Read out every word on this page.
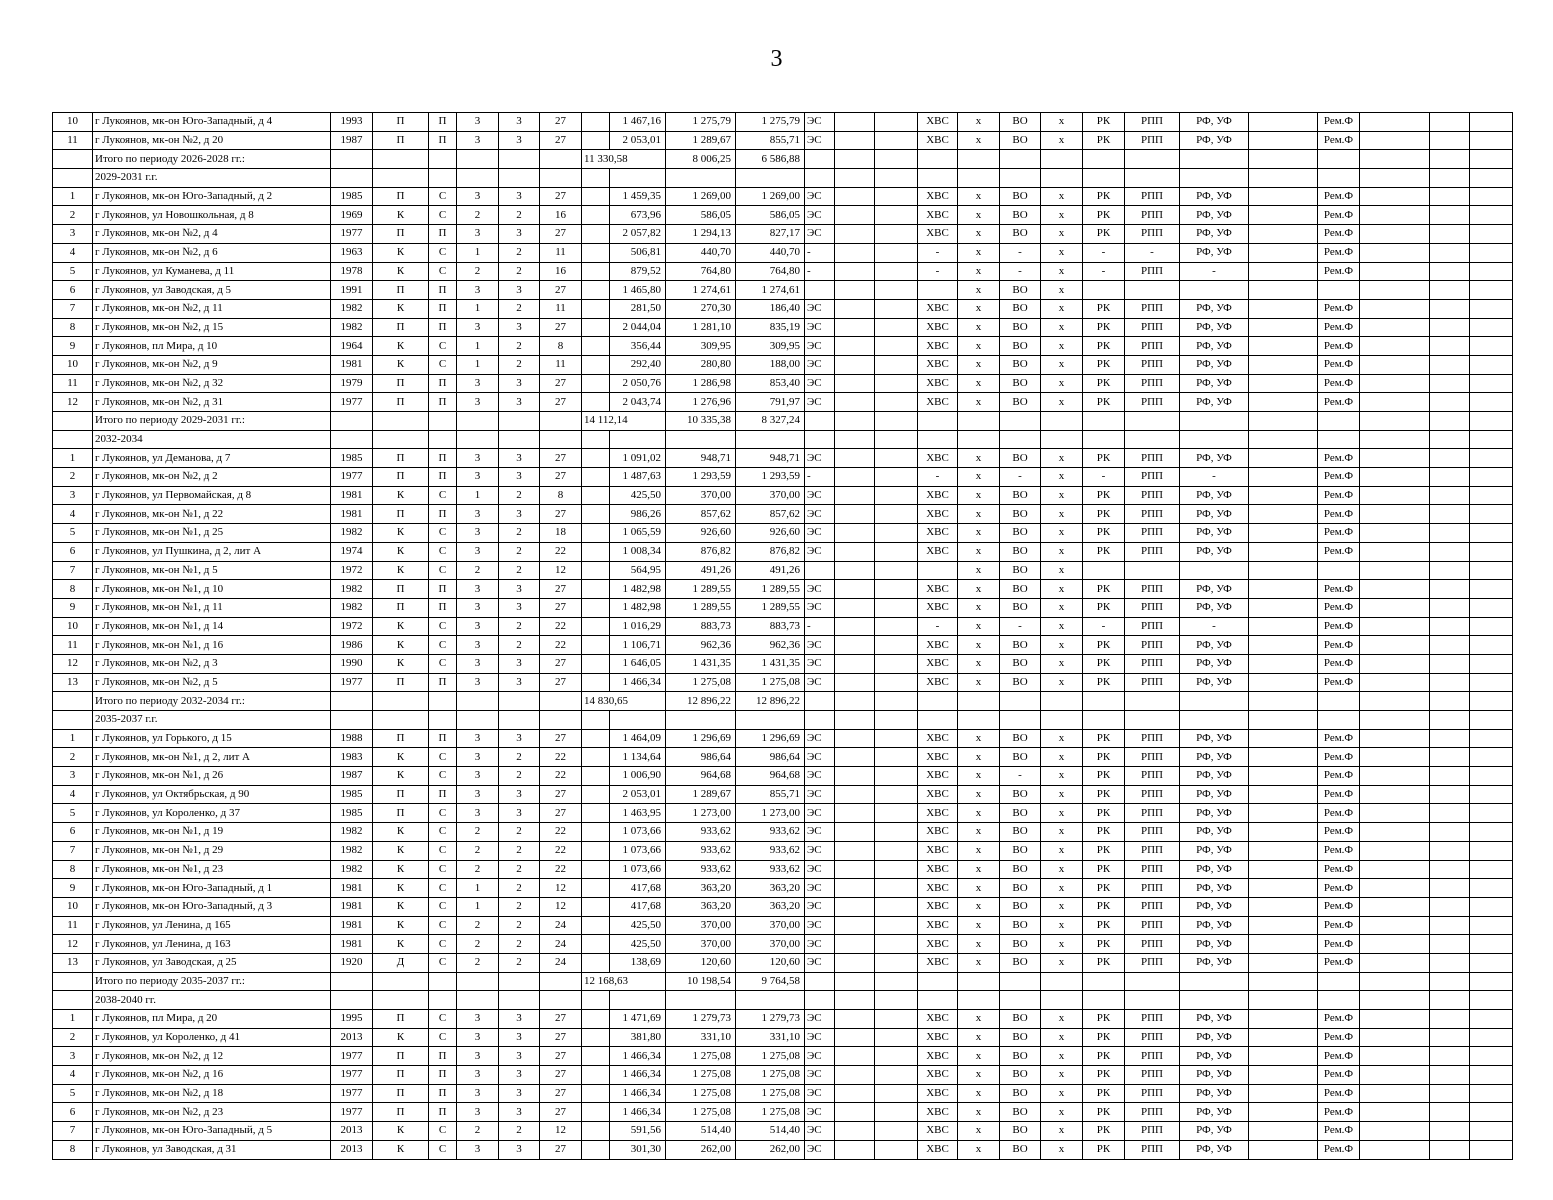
3
10	г Лукоянов, мк-он Юго-Западный, д 4	1993	П	П	3	3	27		1 467,16	1 275,79	1 275,79	ЭС			ХВС	х	ВО	х	РК	РПП	РФ, УФ		Рем.Ф			
11	г Лукоянов, мк-он №2, д 20	1987	П	П	3	3	27		2 053,01	1 289,67	855,71	ЭС			ХВС	х	ВО	х	РК	РПП	РФ, УФ		Рем.Ф			
	Итого по периоду 2026-2028 гг.:							11 330,58		8 006,25	6 586,88															
	2029-2031 г.г.																									
1	г Лукоянов, мк-он Юго-Западный, д 2	1985	П	С	3	3	27		1 459,35	1 269,00	1 269,00	ЭС			ХВС	х	ВО	х	РК	РПП	РФ, УФ		Рем.Ф			
2	г Лукоянов, ул Новошкольная, д 8	1969	К	С	2	2	16		673,96	586,05	586,05	ЭС			ХВС	х	ВО	х	РК	РПП	РФ, УФ		Рем.Ф			
3	г Лукоянов, мк-он №2, д 4	1977	П	П	3	3	27		2 057,82	1 294,13	827,17	ЭС			ХВС	х	ВО	х	РК	РПП	РФ, УФ		Рем.Ф			
4	г Лукоянов, мк-он №2, д 6	1963	К	С	1	2	11		506,81	440,70	440,70	-			-	х	-	х	-	-	РФ, УФ		Рем.Ф			
5	г Лукоянов, ул Куманева, д 11	1978	К	С	2	2	16		879,52	764,80	764,80	-			-	х	-	х	-	РПП	-		Рем.Ф			
6	г Лукоянов, ул Заводская, д 5	1991	П	П	3	3	27		1 465,80	1 274,61	1 274,61					х	ВО	х								
7	г Лукоянов, мк-он №2, д 11	1982	К	П	1	2	11		281,50	270,30	186,40	ЭС			ХВС	х	ВО	х	РК	РПП	РФ, УФ		Рем.Ф			
8	г Лукоянов, мк-он №2, д 15	1982	П	П	3	3	27		2 044,04	1 281,10	835,19	ЭС			ХВС	х	ВО	х	РК	РПП	РФ, УФ		Рем.Ф			
9	г Лукоянов, пл Мира, д 10	1964	К	С	1	2	8		356,44	309,95	309,95	ЭС			ХВС	х	ВО	х	РК	РПП	РФ, УФ		Рем.Ф			
10	г Лукоянов, мк-он №2, д 9	1981	К	С	1	2	11		292,40	280,80	188,00	ЭС			ХВС	х	ВО	х	РК	РПП	РФ, УФ		Рем.Ф			
11	г Лукоянов, мк-он №2, д 32	1979	П	П	3	3	27		2 050,76	1 286,98	853,40	ЭС			ХВС	х	ВО	х	РК	РПП	РФ, УФ		Рем.Ф			
12	г Лукоянов, мк-он №2, д 31	1977	П	П	3	3	27		2 043,74	1 276,96	791,97	ЭС			ХВС	х	ВО	х	РК	РПП	РФ, УФ		Рем.Ф			
	Итого по периоду 2029-2031 гг.:							14 112,14		10 335,38	8 327,24															
	2032-2034																									
1	г Лукоянов, ул Деманова, д 7	1985	П	П	3	3	27		1 091,02	948,71	948,71	ЭС			ХВС	х	ВО	х	РК	РПП	РФ, УФ		Рем.Ф			
2	г Лукоянов, мк-он №2, д 2	1977	П	П	3	3	27		1 487,63	1 293,59	1 293,59	-			-	х	-	х	-	РПП	-		Рем.Ф			
3	г Лукоянов, ул Первомайская, д 8	1981	К	С	1	2	8		425,50	370,00	370,00	ЭС			ХВС	х	ВО	х	РК	РПП	РФ, УФ		Рем.Ф			
4	г Лукоянов, мк-он №1, д 22	1981	П	П	3	3	27		986,26	857,62	857,62	ЭС			ХВС	х	ВО	х	РК	РПП	РФ, УФ		Рем.Ф			
5	г Лукоянов, мк-он №1, д 25	1982	К	С	3	2	18		1 065,59	926,60	926,60	ЭС			ХВС	х	ВО	х	РК	РПП	РФ, УФ		Рем.Ф			
6	г Лукоянов, ул Пушкина, д 2, лит А	1974	К	С	3	2	22		1 008,34	876,82	876,82	ЭС			ХВС	х	ВО	х	РК	РПП	РФ, УФ		Рем.Ф			
7	г Лукоянов, мк-он №1, д 5	1972	К	С	2	2	12		564,95	491,26	491,26					х	ВО	х								
8	г Лукоянов, мк-он №1, д 10	1982	П	П	3	3	27		1 482,98	1 289,55	1 289,55	ЭС			ХВС	х	ВО	х	РК	РПП	РФ, УФ		Рем.Ф			
9	г Лукоянов, мк-он №1, д 11	1982	П	П	3	3	27		1 482,98	1 289,55	1 289,55	ЭС			ХВС	х	ВО	х	РК	РПП	РФ, УФ		Рем.Ф			
10	г Лукоянов, мк-он №1, д 14	1972	К	С	3	2	22		1 016,29	883,73	883,73	-			-	х	-	х	-	РПП	-		Рем.Ф			
11	г Лукоянов, мк-он №1, д 16	1986	К	С	3	2	22		1 106,71	962,36	962,36	ЭС			ХВС	х	ВО	х	РК	РПП	РФ, УФ		Рем.Ф			
12	г Лукоянов, мк-он №2, д 3	1990	К	С	3	3	27		1 646,05	1 431,35	1 431,35	ЭС			ХВС	х	ВО	х	РК	РПП	РФ, УФ		Рем.Ф			
13	г Лукоянов, мк-он №2, д 5	1977	П	П	3	3	27		1 466,34	1 275,08	1 275,08	ЭС			ХВС	х	ВО	х	РК	РПП	РФ, УФ		Рем.Ф			
	Итого по периоду 2032-2034 гг.:							14 830,65		12 896,22	12 896,22															
	2035-2037 г.г.																									
1	г Лукоянов, ул Горького, д 15	1988	П	П	3	3	27		1 464,09	1 296,69	1 296,69	ЭС			ХВС	х	ВО	х	РК	РПП	РФ, УФ		Рем.Ф			
2	г Лукоянов, мк-он №1, д 2, лит А	1983	К	С	3	2	22		1 134,64	986,64	986,64	ЭС			ХВС	х	ВО	х	РК	РПП	РФ, УФ		Рем.Ф			
3	г Лукоянов, мк-он №1, д 26	1987	К	С	3	2	22		1 006,90	964,68	964,68	ЭС			ХВС	х	-	х	РК	РПП	РФ, УФ		Рем.Ф			
4	г Лукоянов, ул Октябрьская, д 90	1985	П	П	3	3	27		2 053,01	1 289,67	855,71	ЭС			ХВС	х	ВО	х	РК	РПП	РФ, УФ		Рем.Ф			
5	г Лукоянов, ул Короленко, д 37	1985	П	С	3	3	27		1 463,95	1 273,00	1 273,00	ЭС			ХВС	х	ВО	х	РК	РПП	РФ, УФ		Рем.Ф			
6	г Лукоянов, мк-он №1, д 19	1982	К	С	2	2	22		1 073,66	933,62	933,62	ЭС			ХВС	х	ВО	х	РК	РПП	РФ, УФ		Рем.Ф			
7	г Лукоянов, мк-он №1, д 29	1982	К	С	2	2	22		1 073,66	933,62	933,62	ЭС			ХВС	х	ВО	х	РК	РПП	РФ, УФ		Рем.Ф			
8	г Лукоянов, мк-он №1, д 23	1982	К	С	2	2	22		1 073,66	933,62	933,62	ЭС			ХВС	х	ВО	х	РК	РПП	РФ, УФ		Рем.Ф			
9	г Лукоянов, мк-он Юго-Западный, д 1	1981	К	С	1	2	12		417,68	363,20	363,20	ЭС			ХВС	х	ВО	х	РК	РПП	РФ, УФ		Рем.Ф			
10	г Лукоянов, мк-он Юго-Западный, д 3	1981	К	С	1	2	12		417,68	363,20	363,20	ЭС			ХВС	х	ВО	х	РК	РПП	РФ, УФ		Рем.Ф			
11	г Лукоянов, ул Ленина, д 165	1981	К	С	2	2	24		425,50	370,00	370,00	ЭС			ХВС	х	ВО	х	РК	РПП	РФ, УФ		Рем.Ф			
12	г Лукоянов, ул Ленина, д 163	1981	К	С	2	2	24		425,50	370,00	370,00	ЭС			ХВС	х	ВО	х	РК	РПП	РФ, УФ		Рем.Ф			
13	г Лукоянов, ул Заводская, д 25	1920	Д	С	2	2	24		138,69	120,60	120,60	ЭС			ХВС	х	ВО	х	РК	РПП	РФ, УФ		Рем.Ф			
	Итого по периоду 2035-2037 гг.:							12 168,63		10 198,54	9 764,58															
	2038-2040 гг.																									
1	г Лукоянов, пл Мира, д 20	1995	П	С	3	3	27		1 471,69	1 279,73	1 279,73	ЭС			ХВС	х	ВО	х	РК	РПП	РФ, УФ		Рем.Ф			
2	г Лукоянов, ул Короленко, д 41	2013	К	С	3	3	27		381,80	331,10	331,10	ЭС			ХВС	х	ВО	х	РК	РПП	РФ, УФ		Рем.Ф			
3	г Лукоянов, мк-он №2, д 12	1977	П	П	3	3	27		1 466,34	1 275,08	1 275,08	ЭС			ХВС	х	ВО	х	РК	РПП	РФ, УФ		Рем.Ф			
4	г Лукоянов, мк-он №2, д 16	1977	П	П	3	3	27		1 466,34	1 275,08	1 275,08	ЭС			ХВС	х	ВО	х	РК	РПП	РФ, УФ		Рем.Ф			
5	г Лукоянов, мк-он №2, д 18	1977	П	П	3	3	27		1 466,34	1 275,08	1 275,08	ЭС			ХВС	х	ВО	х	РК	РПП	РФ, УФ		Рем.Ф			
6	г Лукоянов, мк-он №2, д 23	1977	П	П	3	3	27		1 466,34	1 275,08	1 275,08	ЭС			ХВС	х	ВО	х	РК	РПП	РФ, УФ		Рем.Ф			
7	г Лукоянов, мк-он Юго-Западный, д 5	2013	К	С	2	2	12		591,56	514,40	514,40	ЭС			ХВС	х	ВО	х	РК	РПП	РФ, УФ		Рем.Ф			
8	г Лукоянов, ул Заводская, д 31	2013	К	С	3	3	27		301,30	262,00	262,00	ЭС			ХВС	х	ВО	х	РК	РПП	РФ, УФ		Рем.Ф			
